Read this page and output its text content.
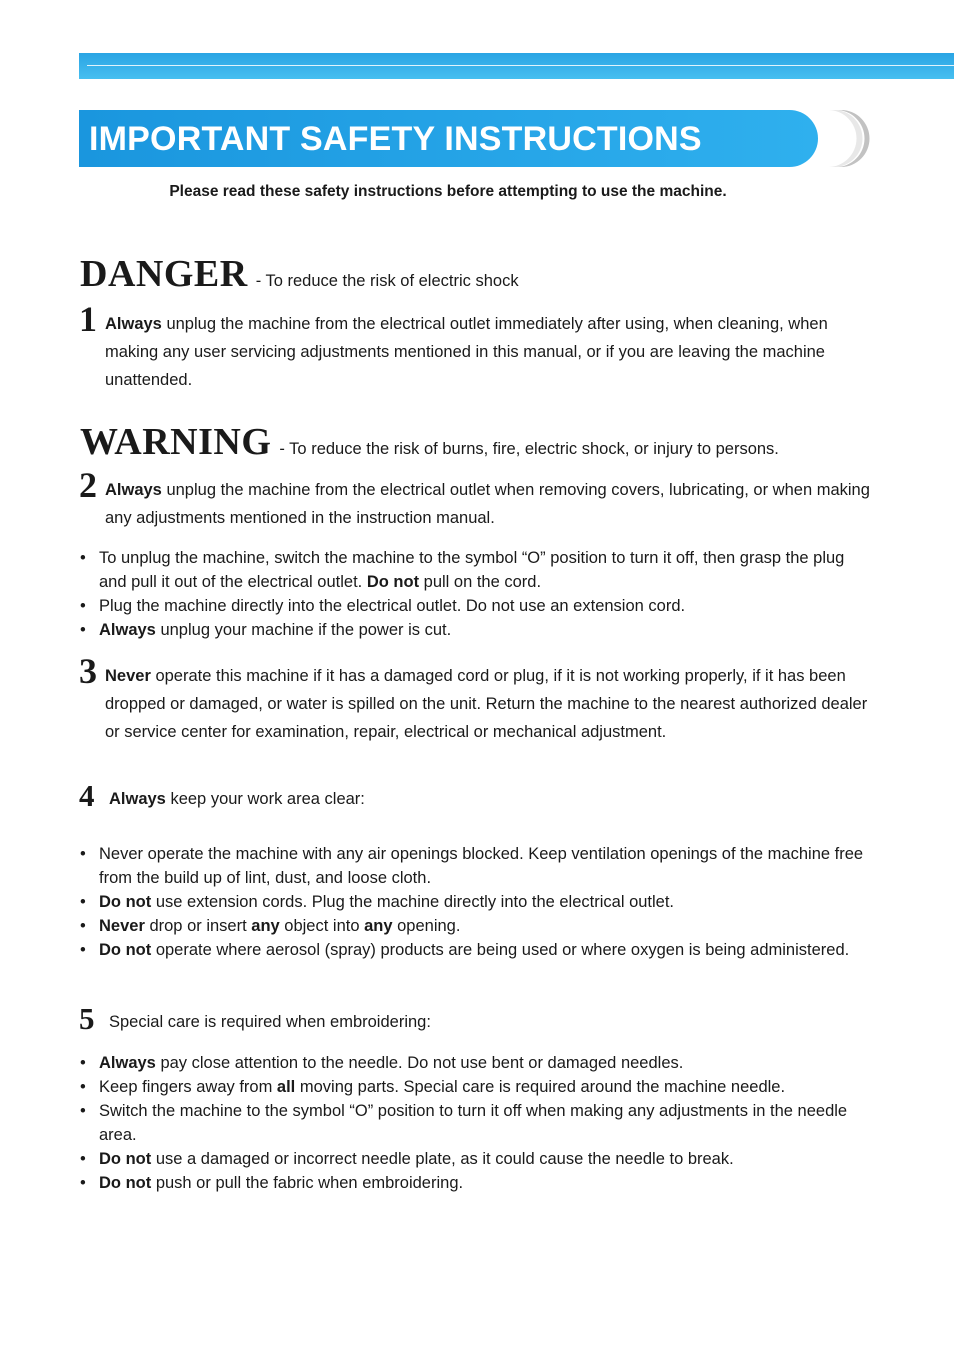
IMPORTANT SAFETY INSTRUCTIONS
Please read these safety instructions before attempting to use the machine.
DANGER - To reduce the risk of electric shock
1 Always unplug the machine from the electrical outlet immediately after using, when cleaning, when making any user servicing adjustments mentioned in this manual, or if you are leaving the machine unattended.
WARNING - To reduce the risk of burns, fire, electric shock, or injury to persons.
2 Always unplug the machine from the electrical outlet when removing covers, lubricating, or when making any adjustments mentioned in the instruction manual.
• To unplug the machine, switch the machine to the symbol “O” position to turn it off, then grasp the plug and pull it out of the electrical outlet. Do not pull on the cord.
• Plug the machine directly into the electrical outlet. Do not use an extension cord.
• Always unplug your machine if the power is cut.
3 Never operate this machine if it has a damaged cord or plug, if it is not working properly, if it has been dropped or damaged, or water is spilled on the unit. Return the machine to the nearest authorized dealer or service center for examination, repair, electrical or mechanical adjustment.
4 Always keep your work area clear:
• Never operate the machine with any air openings blocked. Keep ventilation openings of the machine free from the build up of lint, dust, and loose cloth.
• Do not use extension cords. Plug the machine directly into the electrical outlet.
• Never drop or insert any object into any opening.
• Do not operate where aerosol (spray) products are being used or where oxygen is being administered.
5 Special care is required when embroidering:
• Always pay close attention to the needle. Do not use bent or damaged needles.
• Keep fingers away from all moving parts. Special care is required around the machine needle.
• Switch the machine to the symbol “O” position to turn it off when making any adjustments in the needle area.
• Do not use a damaged or incorrect needle plate, as it could cause the needle to break.
• Do not push or pull the fabric when embroidering.
